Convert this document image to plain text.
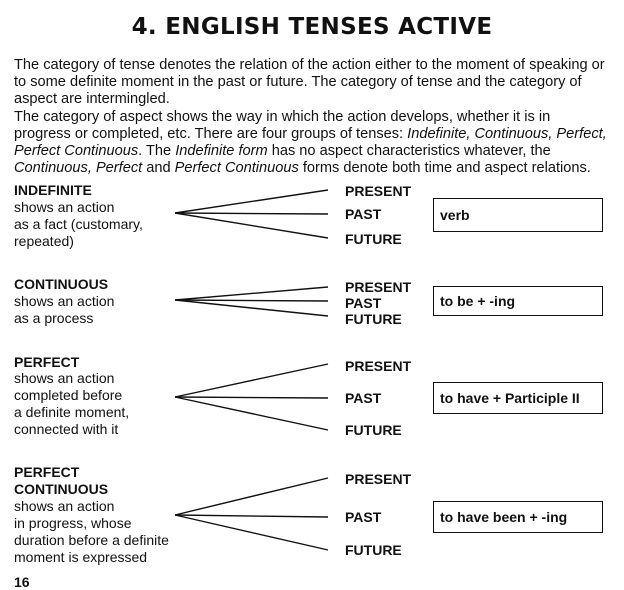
4. ENGLISH TENSES ACTIVE

The category of tense denotes the relation of the action either to the moment of speaking or to some definite moment in the past or future. The category of tense and the category of aspect are intermingled.

The category of aspect shows the way in which the action develops, whether it is in progress or completed, etc. There are four groups of tenses: Indefinite, Continuous, Perfect, Perfect Continuous. The Indefinite form has no aspect characteristics whatever, the Continuous, Perfect and Perfect Continuous forms denote both time and aspect relations.

INDEFINITE
shows an action
as a fact (customary,
repeated)
PRESENT
PAST
FUTURE
verb
CONTINUOUS
shows an action
as a process
PRESENT
PAST
FUTURE
to be + -ing
PERFECT
shows an action
completed before
a definite moment,
connected with it
PRESENT
PAST
FUTURE
to have + Participle II
PERFECT
CONTINUOUS
shows an action
in progress, whose
duration before a definite
moment is expressed
PRESENT
PAST
FUTURE
to have been + -ing
16
